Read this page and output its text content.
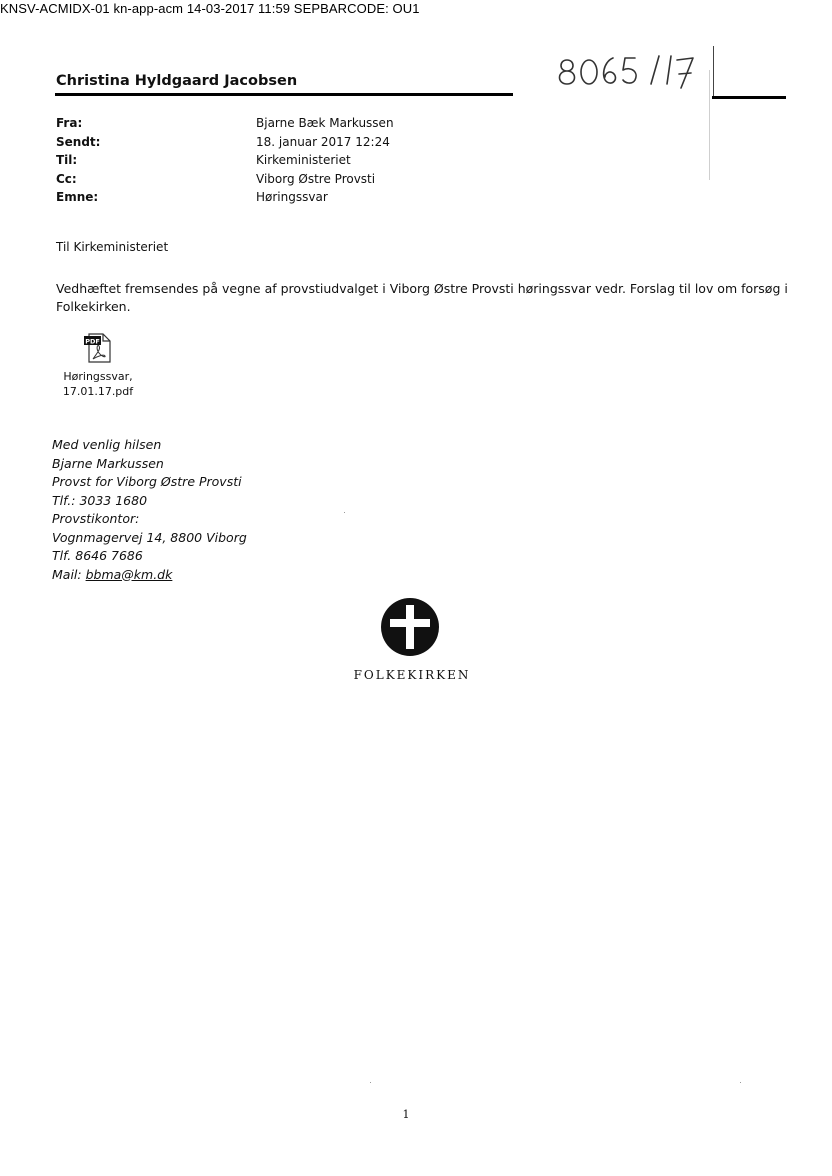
KNSV-ACMIDX-01 kn-app-acm 14-03-2017 11:59 SEPBARCODE: OU1
Christina Hyldgaard Jacobsen
Fra:	Bjarne Bæk Markussen
Sendt:	18. januar 2017 12:24
Til:	Kirkeministeriet
Cc:	Viborg Østre Provsti
Emne:	Høringssvar
Til Kirkeministeriet
Vedhæftet fremsendes på vegne af provstiudvalget i Viborg Østre Provsti høringssvar vedr. Forslag til lov om forsøg i Folkekirken.
PDF
Høringssvar,
17.01.17.pdf
Med venlig hilsen
Bjarne Markussen
Provst for Viborg Østre Provsti
Tlf.: 3033 1680
Provstikontor:
Vognmagervej 14, 8800 Viborg
Tlf. 8646 7686
Mail: bbma@km.dk
FOLKEKIRKEN
1
